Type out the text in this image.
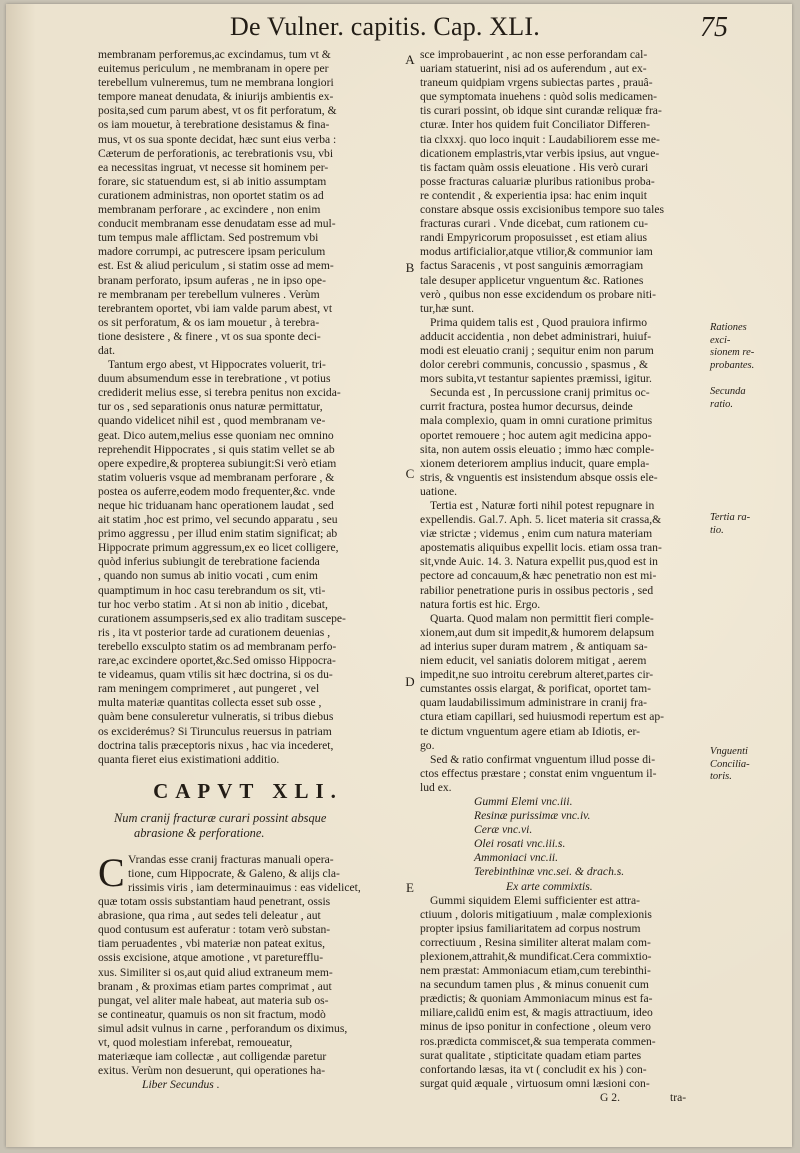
De Vulner. capitis. Cap. XLI.	75
membranam perforemus,ac excindamus, tum vt &
euitemus periculum , ne membranam in opere per
terebellum vulneremus, tum ne membrana longiori
tempore maneat denudata, & iniurijs ambientis ex-
posita,sed cum parum abest, vt os fit perforatum, &
os iam mouetur, à terebratione desistamus & fina-
mus, vt os sua sponte decidat, hæc sunt eius verba :
Cæterum de perforationis, ac terebrationis vsu, vbi
ea necessitas ingruat, vt necesse sit hominem per-
forare, sic statuendum est, si ab initio assumptam
curationem administras, non oportet statim os ad
membranam perforare , ac excindere , non enim
conducit membranam esse denudatam esse ad mul-
tum tempus male afflictam. Sed postremum vbi
madore corrumpi, ac putrescere ipsam periculum
est. Est & aliud periculum , si statim osse ad mem-
branam perforato, ipsum auferas , ne in ipso ope-
re membranam per terebellum vulneres . Verùm
terebrantem oportet, vbi iam valde parum abest, vt
os sit perforatum, & os iam mouetur , à terebra-
tione desistere , & finere , vt os sua sponte deci-
dat.
Tantum ergo abest, vt Hippocrates voluerit, tri-
duum absumendum esse in terebratione , vt potius
crediderit melius esse, si terebra penitus non excida-
tur os , sed separationis onus naturæ permittatur,
quando videlicet nihil est , quod membranam ve-
geat. Dico autem,melius esse quoniam nec omnino
reprehendit Hippocrates , si quis statim vellet se ab
opere expedire,& propterea subiungit:Si verò etiam
statim volueris vsque ad membranam perforare , &
postea os auferre,eodem modo frequenter,&c. vnde
neque hic triduanam hanc operationem laudat , sed
ait statim ,hoc est primo, vel secundo apparatu , seu
primo aggressu , per illud enim statim significat; ab
Hippocrate primum aggressum,ex eo licet colligere,
quòd inferius subiungit de terebratione facienda
, quando non sumus ab initio vocati , cum enim
quamptimum in hoc casu terebrandum os sit, vti-
tur hoc verbo statim . At si non ab initio , dicebat,
curationem assumpseris,sed ex alio traditam suscepe-
ris , ita vt posterior tarde ad curationem deuenias ,
terebello exsculpto statim os ad membranam perfo-
rare,ac excindere oportet,&c.Sed omisso Hippocra-
te videamus, quam vtilis sit hæc doctrina, si os du-
ram meningem comprimeret , aut pungeret , vel
multa materiæ quantitas collecta esset sub osse ,
quàm bene consuleretur vulneratis, si tribus diebus
os exciderémus? Si Tirunculus reuersus in patriam
doctrina talis præceptoris nixus , hac via incederet,
quanta fieret eius existimationi additio.
CAPVT XLI.
Num cranij fracturæ curari possint absque
abrasione & perforatione.
C Vrandas esse cranij fracturas manuali opera-
tione, cum Hippocrate, & Galeno, & alijs cla-
rissimis viris , iam determinauimus : eas videlicet,
quæ totam ossis substantiam haud penetrant, ossis
abrasione, qua rima , aut sedes teli deleatur , aut
quod contusum est auferatur : totam verò substan-
tiam peruadentes , vbi materiæ non pateat exitus,
ossis excisione, atque amotione , vt pareturefflu-
xus. Similiter si os,aut quid aliud extraneum mem-
branam , & proximas etiam partes comprimat , aut
pungat, vel aliter male habeat, aut materia sub os-
se contineatur, quamuis os non sit fractum, modò
simul adsit vulnus in carne , perforandum os diximus,
vt, quod molestiam inferebat, remoueatur,
materiæque iam collectæ , aut colligendæ paretur
exitus. Verùm non desuerunt, qui operationes ha-
Liber Secundus .
A
B
C
D
E
sce improbauerint , ac non esse perforandam cal-
uariam statuerint, nisi ad os auferendum , aut ex-
traneum quidpiam vrgens subiectas partes , prauâ-
que symptomata inuehens : quòd solis medicamen-
tis curari possint, ob idque sint curandæ reliquæ fra-
cturæ. Inter hos quidem fuit Conciliator Differen-
tia clxxxj. quo loco inquit : Laudabiliorem esse me-
dicationem emplastris,vtar verbis ipsius, aut vngue-
tis factam quàm ossis eleuatione . His verò curari
posse fracturas caluariæ pluribus rationibus proba-
re contendit , & experientia ipsa: hac enim inquit
constare absque ossis excisionibus tempore suo tales
fracturas curari . Vnde dicebat, cum rationem cu-
randi Empyricorum proposuisset , est etiam alius
modus artificialior,atque vtilior,& communior iam
factus Saracenis , vt post sanguinis æmorragiam
tale desuper applicetur vnguentum &c. Rationes
verò , quibus non esse excidendum os probare niti-
tur,hæ sunt.
Prima quidem talis est , Quod prauiora infirmo
adducit accidentia , non debet administrari, huiuf-
modi est eleuatio cranij ; sequitur enim non parum
dolor cerebri communis, concussio , spasmus , &
mors subita,vt testantur sapientes præmissi, igitur.
Secunda est , In percussione cranij primitus oc-
currit fractura, postea humor decursus, deinde
mala complexio, quam in omni curatione primitus
oportet remouere ; hoc autem agit medicina appo-
sita, non autem ossis eleuatio ; immo hæc comple-
xionem deteriorem amplius inducit, quare empla-
stris, & vnguentis est insistendum absque ossis ele-
uatione.
Tertia est , Naturæ forti nihil potest repugnare in
expellendis. Gal.7. Aph. 5. licet materia sit crassa,&
viæ strictæ ; videmus , enim cum natura materiam
apostematis aliquibus expellit locis. etiam ossa tran-
sit,vnde Auic. 14. 3. Natura expellit pus,quod est in
pectore ad concauum,& hæc penetratio non est mi-
rabilior penetratione puris in ossibus pectoris , sed
natura fortis est hic. Ergo.
Quarta. Quod malam non permittit fieri comple-
xionem,aut dum sit impedit,& humorem delapsum
ad interius super duram matrem , & antiquam sa-
niem educit, vel saniatis dolorem mitigat , aerem
impedit,ne suo introitu cerebrum alteret,partes cir-
cumstantes ossis elargat, & porificat, oportet tam-
quam laudabilissimum administrare in cranij fra-
ctura etiam capillari, sed huiusmodi repertum est ap-
te dictum vnguentum agere etiam ab Idiotis, er-
go.
Sed & ratio confirmat vnguentum illud posse di-
ctos effectus præstare ; constat enim vnguentum il-
lud ex.
Gummi Elemi vnc.iii.
Resinæ purissimæ vnc.iv.
Ceræ vnc.vi.
Olei rosati vnc.iii.s.
Ammoniaci vnc.ii.
Terebinthinæ vnc.sei. & drach.s.
Ex arte commixtis.
Gummi siquidem Elemi sufficienter est attra-
ctiuum , doloris mitigatiuum , malæ complexionis
propter ipsius familiaritatem ad corpus nostrum
correctiuum , Resina similiter alterat malam com-
plexionem,attrahit,& mundificat.Cera commixtio-
nem præstat: Ammoniacum etiam,cum terebinthi-
na secundum tamen plus , & minus conuenit cum
prædictis; & quoniam Ammoniacum minus est fa-
miliare,calidū enim est, & magis attractiuum, ideo
minus de ipso ponitur in confectione , oleum vero
ros.prædicta commiscet,& sua temperata commen-
surat qualitate , stipticitate quadam etiam partes
confortando læsas, ita vt ( concludit ex his ) con-
surgat quid æquale , virtuosum omni læsioni con-
G 2.	tra-
Rationes
exci-
sionem re-
probantes.
Secunda
ratio.
Tertia ra-
tio.
Vnguenti
Concilia-
toris.
